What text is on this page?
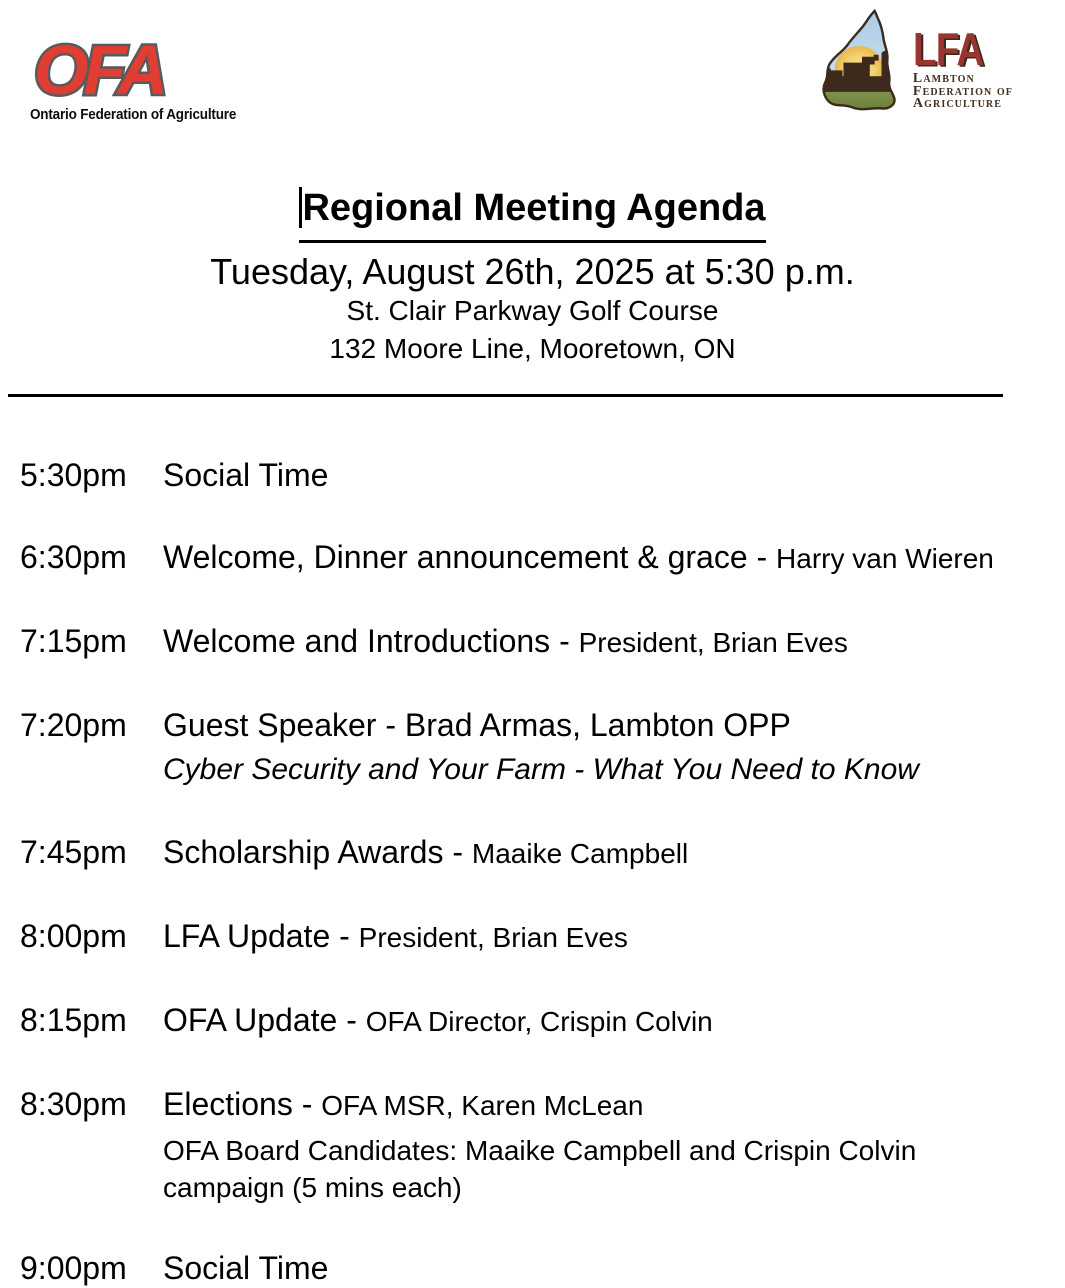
OFA
Ontario Federation of Agriculture
LFA
Lambton
Federation of
Agriculture
Regional Meeting Agenda
Tuesday, August 26th, 2025 at 5:30 p.m.
St. Clair Parkway Golf Course
132 Moore Line, Mooretown, ON
5:30pm	Social Time
6:30pm	Welcome, Dinner announcement & grace - Harry van Wieren
7:15pm	Welcome and Introductions - President, Brian Eves
7:20pm	Guest Speaker - Brad Armas, Lambton OPP
Cyber Security and Your Farm - What You Need to Know
7:45pm	Scholarship Awards - Maaike Campbell
8:00pm	LFA Update - President, Brian Eves
8:15pm	OFA Update - OFA Director, Crispin Colvin
8:30pm	Elections - OFA MSR, Karen McLean
OFA Board Candidates: Maaike Campbell and Crispin Colvin
campaign (5 mins each)
9:00pm	Social Time
